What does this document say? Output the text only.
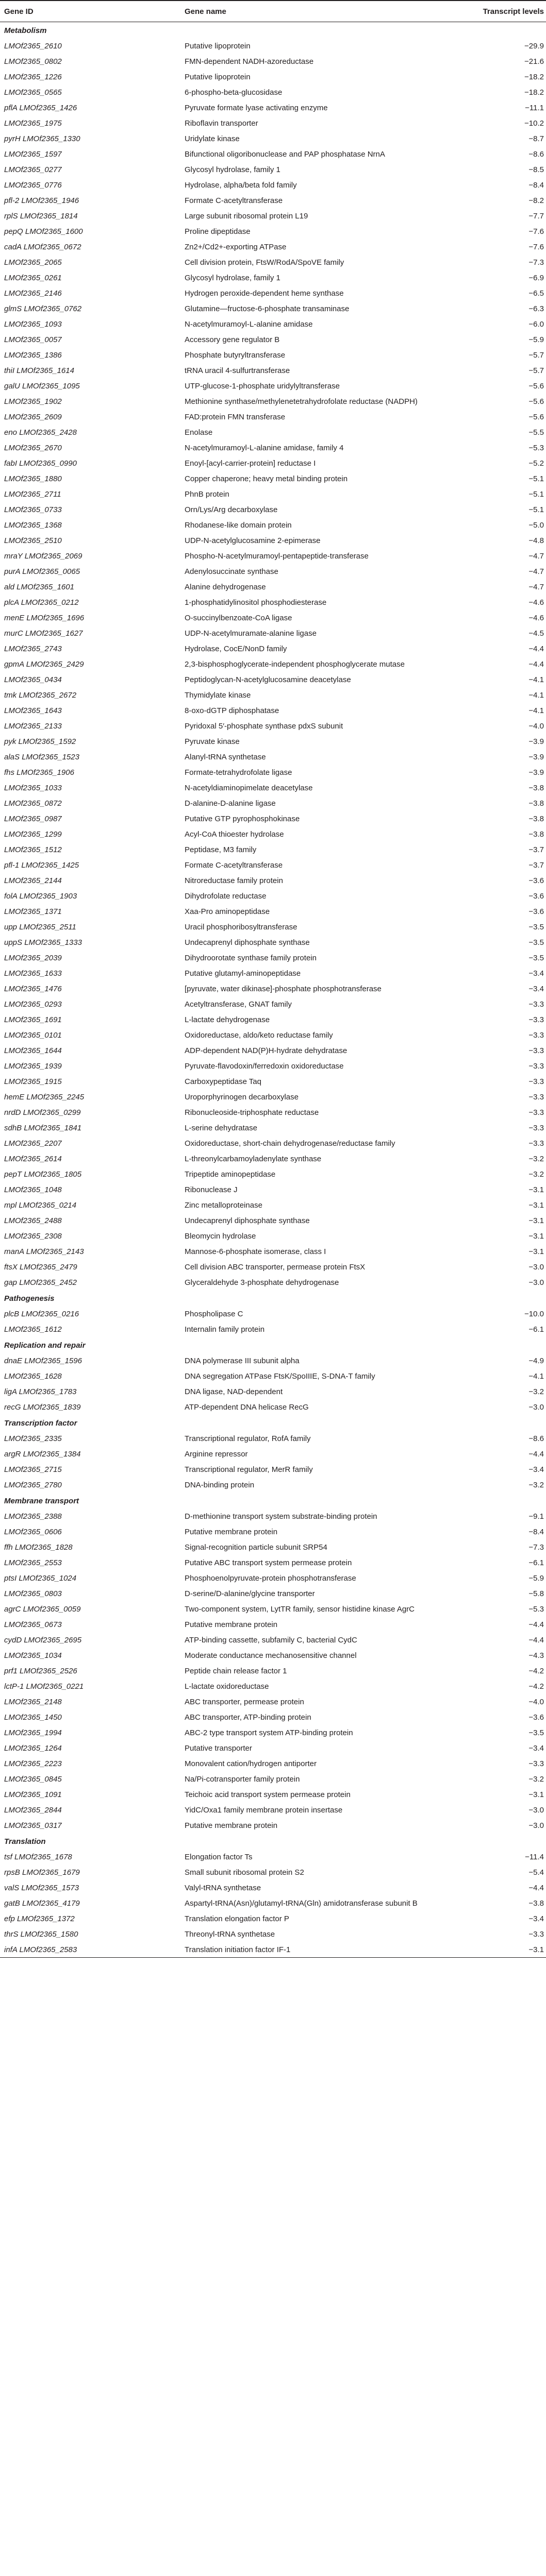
Gene ID	Gene name	Transcript levels
Metabolism
LMOf2365_2610	Putative lipoprotein	−29.9
LMOf2365_0802	FMN-dependent NADH-azoreductase	−21.6
LMOf2365_1226	Putative lipoprotein	−18.2
LMOf2365_0565	6-phospho-beta-glucosidase	−18.2
pflA LMOf2365_1426	Pyruvate formate lyase activating enzyme	−11.1
LMOf2365_1975	Riboflavin transporter	−10.2
pyrH LMOf2365_1330	Uridylate kinase	−8.7
LMOf2365_1597	Bifunctional oligoribonuclease and PAP phosphatase NrnA	−8.6
LMOf2365_0277	Glycosyl hydrolase, family 1	−8.5
LMOf2365_0776	Hydrolase, alpha/beta fold family	−8.4
pfl-2 LMOf2365_1946	Formate C-acetyltransferase	−8.2
rplS LMOf2365_1814	Large subunit ribosomal protein L19	−7.7
pepQ LMOf2365_1600	Proline dipeptidase	−7.6
cadA LMOf2365_0672	Zn2+/Cd2+-exporting ATPase	−7.6
LMOf2365_2065	Cell division protein, FtsW/RodA/SpoVE family	−7.3
LMOf2365_0261	Glycosyl hydrolase, family 1	−6.9
LMOf2365_2146	Hydrogen peroxide-dependent heme synthase	−6.5
glmS LMOf2365_0762	Glutamine—fructose-6-phosphate transaminase	−6.3
LMOf2365_1093	N-acetylmuramoyl-L-alanine amidase	−6.0
LMOf2365_0057	Accessory gene regulator B	−5.9
LMOf2365_1386	Phosphate butyryltransferase	−5.7
thiI LMOf2365_1614	tRNA uracil 4-sulfurtransferase	−5.7
galU LMOf2365_1095	UTP-glucose-1-phosphate uridylyltransferase	−5.6
LMOf2365_1902	Methionine synthase/methylenetetrahydrofolate reductase (NADPH)	−5.6
LMOf2365_2609	FAD:protein FMN transferase	−5.6
eno LMOf2365_2428	Enolase	−5.5
LMOf2365_2670	N-acetylmuramoyl-L-alanine amidase, family 4	−5.3
fabI LMOf2365_0990	Enoyl-[acyl-carrier-protein] reductase I	−5.2
LMOf2365_1880	Copper chaperone; heavy metal binding protein	−5.1
LMOf2365_2711	PhnB protein	−5.1
LMOf2365_0733	Orn/Lys/Arg decarboxylase	−5.1
LMOf2365_1368	Rhodanese-like domain protein	−5.0
LMOf2365_2510	UDP-N-acetylglucosamine 2-epimerase	−4.8
mraY LMOf2365_2069	Phospho-N-acetylmuramoyl-pentapeptide-transferase	−4.7
purA LMOf2365_0065	Adenylosuccinate synthase	−4.7
ald LMOf2365_1601	Alanine dehydrogenase	−4.7
plcA LMOf2365_0212	1-phosphatidylinositol phosphodiesterase	−4.6
menE LMOf2365_1696	O-succinylbenzoate-CoA ligase	−4.6
murC LMOf2365_1627	UDP-N-acetylmuramate-alanine ligase	−4.5
LMOf2365_2743	Hydrolase, CocE/NonD family	−4.4
gpmA LMOf2365_2429	2,3-bisphosphoglycerate-independent phosphoglycerate mutase	−4.4
LMOf2365_0434	Peptidoglycan-N-acetylglucosamine deacetylase	−4.1
tmk LMOf2365_2672	Thymidylate kinase	−4.1
LMOf2365_1643	8-oxo-dGTP diphosphatase	−4.1
LMOf2365_2133	Pyridoxal 5′-phosphate synthase pdxS subunit	−4.0
pyk LMOf2365_1592	Pyruvate kinase	−3.9
alaS LMOf2365_1523	Alanyl-tRNA synthetase	−3.9
fhs LMOf2365_1906	Formate-tetrahydrofolate ligase	−3.9
LMOf2365_1033	N-acetyldiaminopimelate deacetylase	−3.8
LMOf2365_0872	D-alanine-D-alanine ligase	−3.8
LMOf2365_0987	Putative GTP pyrophosphokinase	−3.8
LMOf2365_1299	Acyl-CoA thioester hydrolase	−3.8
LMOf2365_1512	Peptidase, M3 family	−3.7
pfl-1 LMOf2365_1425	Formate C-acetyltransferase	−3.7
LMOf2365_2144	Nitroreductase family protein	−3.6
folA LMOf2365_1903	Dihydrofolate reductase	−3.6
LMOf2365_1371	Xaa-Pro aminopeptidase	−3.6
upp LMOf2365_2511	Uracil phosphoribosyltransferase	−3.5
uppS LMOf2365_1333	Undecaprenyl diphosphate synthase	−3.5
LMOf2365_2039	Dihydroorotate synthase family protein	−3.5
LMOf2365_1633	Putative glutamyl-aminopeptidase	−3.4
LMOf2365_1476	[pyruvate, water dikinase]-phosphate phosphotransferase	−3.4
LMOf2365_0293	Acetyltransferase, GNAT family	−3.3
LMOf2365_1691	L-lactate dehydrogenase	−3.3
LMOf2365_0101	Oxidoreductase, aldo/keto reductase family	−3.3
LMOf2365_1644	ADP-dependent NAD(P)H-hydrate dehydratase	−3.3
LMOf2365_1939	Pyruvate-flavodoxin/ferredoxin oxidoreductase	−3.3
LMOf2365_1915	Carboxypeptidase Taq	−3.3
hemE LMOf2365_2245	Uroporphyrinogen decarboxylase	−3.3
nrdD LMOf2365_0299	Ribonucleoside-triphosphate reductase	−3.3
sdhB LMOf2365_1841	L-serine dehydratase	−3.3
LMOf2365_2207	Oxidoreductase, short-chain dehydrogenase/reductase family	−3.3
LMOf2365_2614	L-threonylcarbamoyladenylate synthase	−3.2
pepT LMOf2365_1805	Tripeptide aminopeptidase	−3.2
LMOf2365_1048	Ribonuclease J	−3.1
mpl LMOf2365_0214	Zinc metalloproteinase	−3.1
LMOf2365_2488	Undecaprenyl diphosphate synthase	−3.1
LMOf2365_2308	Bleomycin hydrolase	−3.1
manA LMOf2365_2143	Mannose-6-phosphate isomerase, class I	−3.1
ftsX LMOf2365_2479	Cell division ABC transporter, permease protein FtsX	−3.0
gap LMOf2365_2452	Glyceraldehyde 3-phosphate dehydrogenase	−3.0
Pathogenesis
plcB LMOf2365_0216	Phospholipase C	−10.0
LMOf2365_1612	Internalin family protein	−6.1
Replication and repair
dnaE LMOf2365_1596	DNA polymerase III subunit alpha	−4.9
LMOf2365_1628	DNA segregation ATPase FtsK/SpoIIIE, S-DNA-T family	−4.1
ligA LMOf2365_1783	DNA ligase, NAD-dependent	−3.2
recG LMOf2365_1839	ATP-dependent DNA helicase RecG	−3.0
Transcription factor
LMOf2365_2335	Transcriptional regulator, RofA family	−8.6
argR LMOf2365_1384	Arginine repressor	−4.4
LMOf2365_2715	Transcriptional regulator, MerR family	−3.4
LMOf2365_2780	DNA-binding protein	−3.2
Membrane transport
LMOf2365_2388	D-methionine transport system substrate-binding protein	−9.1
LMOf2365_0606	Putative membrane protein	−8.4
ffh LMOf2365_1828	Signal-recognition particle subunit SRP54	−7.3
LMOf2365_2553	Putative ABC transport system permease protein	−6.1
ptsI LMOf2365_1024	Phosphoenolpyruvate-protein phosphotransferase	−5.9
LMOf2365_0803	D-serine/D-alanine/glycine transporter	−5.8
agrC LMOf2365_0059	Two-component system, LytTR family, sensor histidine kinase AgrC	−5.3
LMOf2365_0673	Putative membrane protein	−4.4
cydD LMOf2365_2695	ATP-binding cassette, subfamily C, bacterial CydC	−4.4
LMOf2365_1034	Moderate conductance mechanosensitive channel	−4.3
prf1 LMOf2365_2526	Peptide chain release factor 1	−4.2
lctP-1 LMOf2365_0221	L-lactate oxidoreductase	−4.2
LMOf2365_2148	ABC transporter, permease protein	−4.0
LMOf2365_1450	ABC transporter, ATP-binding protein	−3.6
LMOf2365_1994	ABC-2 type transport system ATP-binding protein	−3.5
LMOf2365_1264	Putative transporter	−3.4
LMOf2365_2223	Monovalent cation/hydrogen antiporter	−3.3
LMOf2365_0845	Na/Pi-cotransporter family protein	−3.2
LMOf2365_1091	Teichoic acid transport system permease protein	−3.1
LMOf2365_2844	YidC/Oxa1 family membrane protein insertase	−3.0
LMOf2365_0317	Putative membrane protein	−3.0
Translation
tsf LMOf2365_1678	Elongation factor Ts	−11.4
rpsB LMOf2365_1679	Small subunit ribosomal protein S2	−5.4
valS LMOf2365_1573	Valyl-tRNA synthetase	−4.4
gatB LMOf2365_4179	Aspartyl-tRNA(Asn)/glutamyl-tRNA(Gln) amidotransferase subunit B	−3.8
efp LMOf2365_1372	Translation elongation factor P	−3.4
thrS LMOf2365_1580	Threonyl-tRNA synthetase	−3.3
infA LMOf2365_2583	Translation initiation factor IF-1	−3.1
